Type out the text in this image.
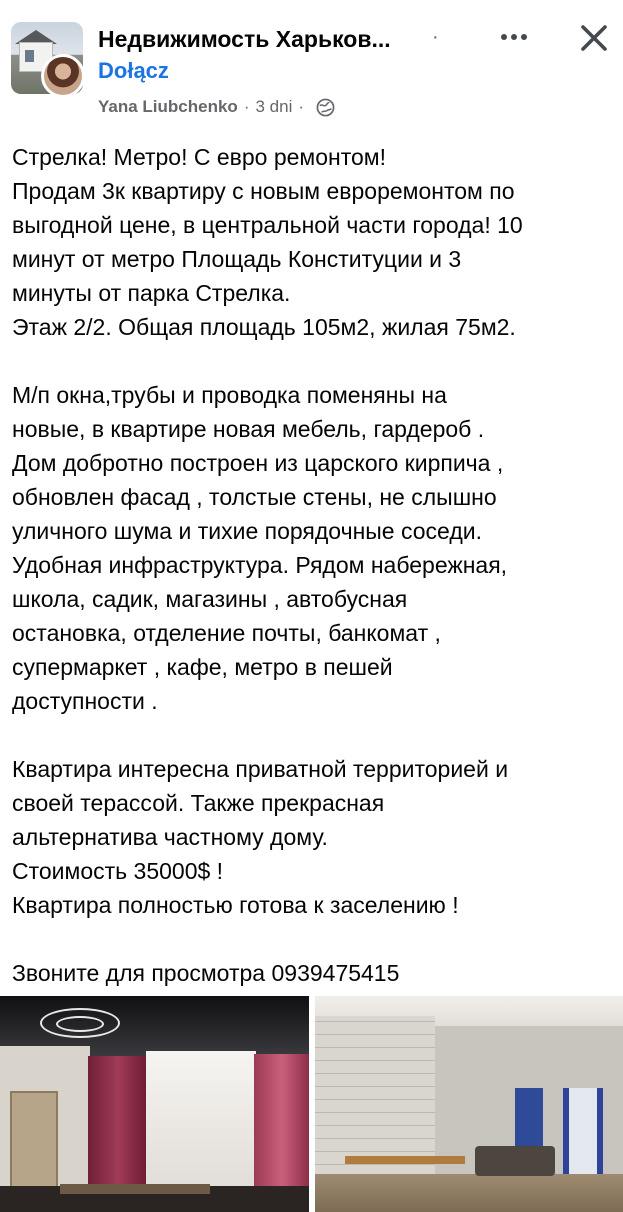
Недвижимость Харьков... ·
Dołącz
Yana Liubchenko · 3 dni ·
Стрелка! Метро! С евро ремонтом!
Продам 3к квартиру с новым евроремонтом по
выгодной цене, в центральной части города! 10
минут от метро Площадь Конституции и 3
минуты от парка Стрелка.
Этаж 2/2. Общая площадь 105м2, жилая 75м2.
М/п окна,трубы и проводка поменяны на
новые, в квартире новая мебель, гардероб .
Дом добротно построен из царского кирпича ,
обновлен фасад , толстые стены, не слышно
уличного шума и тихие порядочные соседи.
Удобная инфраструктура. Рядом набережная,
школа, садик, магазины , автобусная
остановка, отделение почты, банкомат ,
супермаркет , кафе, метро в пешей
доступности .
Квартира интересна приватной территорией и
своей терассой. Также прекрасная
альтернатива частному дому.
Стоимость 35000$ !
Квартира полностью готова к заселению !
Звоните для просмотра 0939475415
